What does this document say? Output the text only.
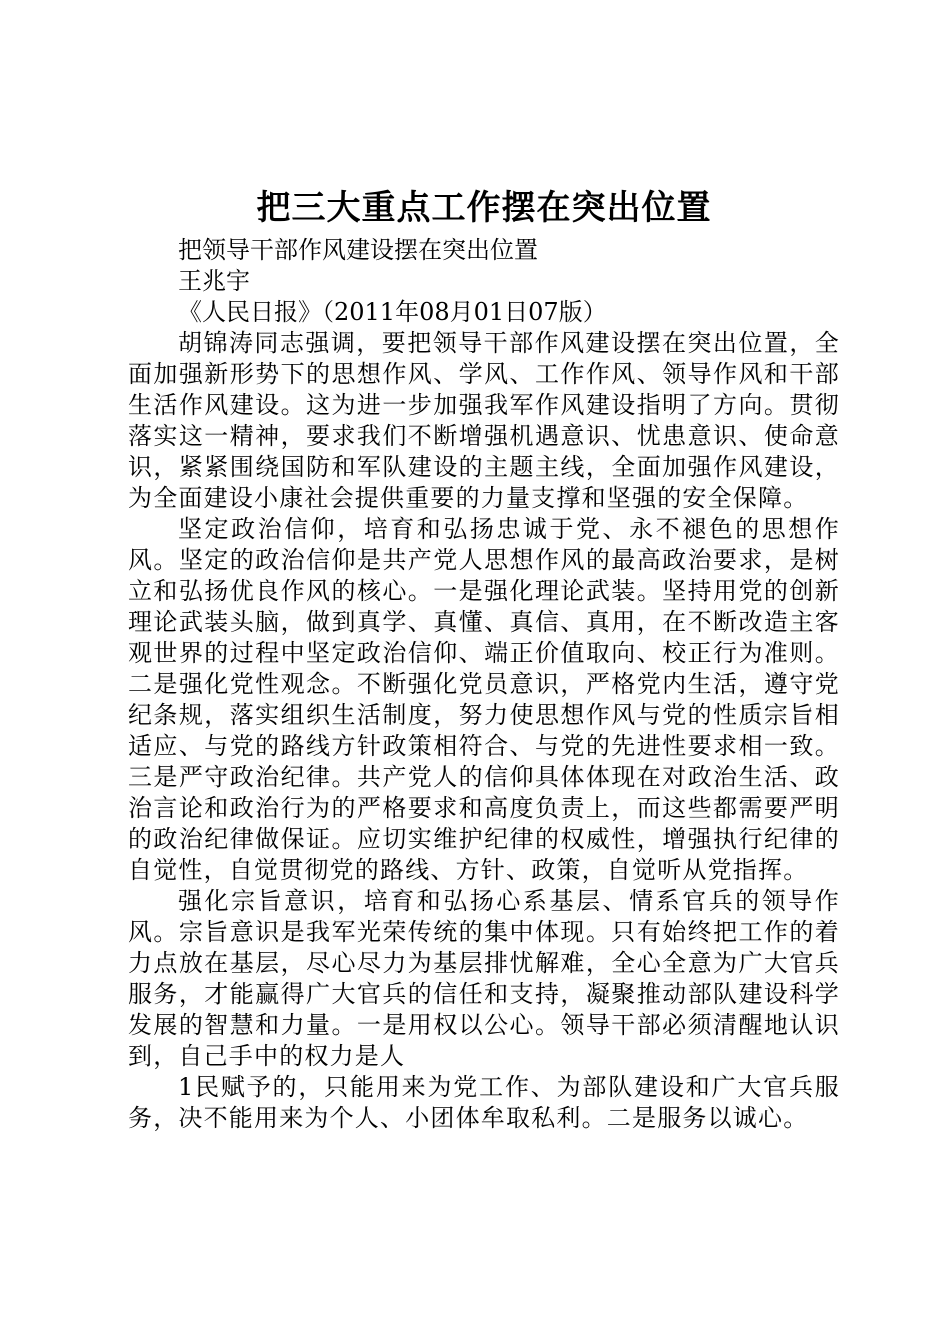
把三大重点工作摆在突出位置

把领导干部作风建设摆在突出位置

王兆宇

《人民日报》（2011年08月01日07版）

胡锦涛同志强调，要把领导干部作风建设摆在突出位置，全面加强新形势下的思想作风、学风、工作作风、领导作风和干部生活作风建设。这为进一步加强我军作风建设指明了方向。贯彻落实这一精神，要求我们不断增强机遇意识、忧患意识、使命意识，紧紧围绕国防和军队建设的主题主线，全面加强作风建设，为全面建设小康社会提供重要的力量支撑和坚强的安全保障。

坚定政治信仰，培育和弘扬忠诚于党、永不褪色的思想作风。坚定的政治信仰是共产党人思想作风的最高政治要求，是树立和弘扬优良作风的核心。一是强化理论武装。坚持用党的创新理论武装头脑，做到真学、真懂、真信、真用，在不断改造主客观世界的过程中坚定政治信仰、端正价值取向、校正行为准则。二是强化党性观念。不断强化党员意识，严格党内生活，遵守党纪条规，落实组织生活制度，努力使思想作风与党的性质宗旨相适应、与党的路线方针政策相符合、与党的先进性要求相一致。三是严守政治纪律。共产党人的信仰具体体现在对政治生活、政治言论和政治行为的严格要求和高度负责上，而这些都需要严明的政治纪律做保证。应切实维护纪律的权威性，增强执行纪律的自觉性，自觉贯彻党的路线、方针、政策，自觉听从党指挥。

强化宗旨意识，培育和弘扬心系基层、情系官兵的领导作风。宗旨意识是我军光荣传统的集中体现。只有始终把工作的着力点放在基层，尽心尽力为基层排忧解难，全心全意为广大官兵服务，才能赢得广大官兵的信任和支持，凝聚推动部队建设科学发展的智慧和力量。一是用权以公心。领导干部必须清醒地认识到，自己手中的权力是人

1民赋予的，只能用来为党工作、为部队建设和广大官兵服务，决不能用来为个人、小团体牟取私利。二是服务以诚心。
